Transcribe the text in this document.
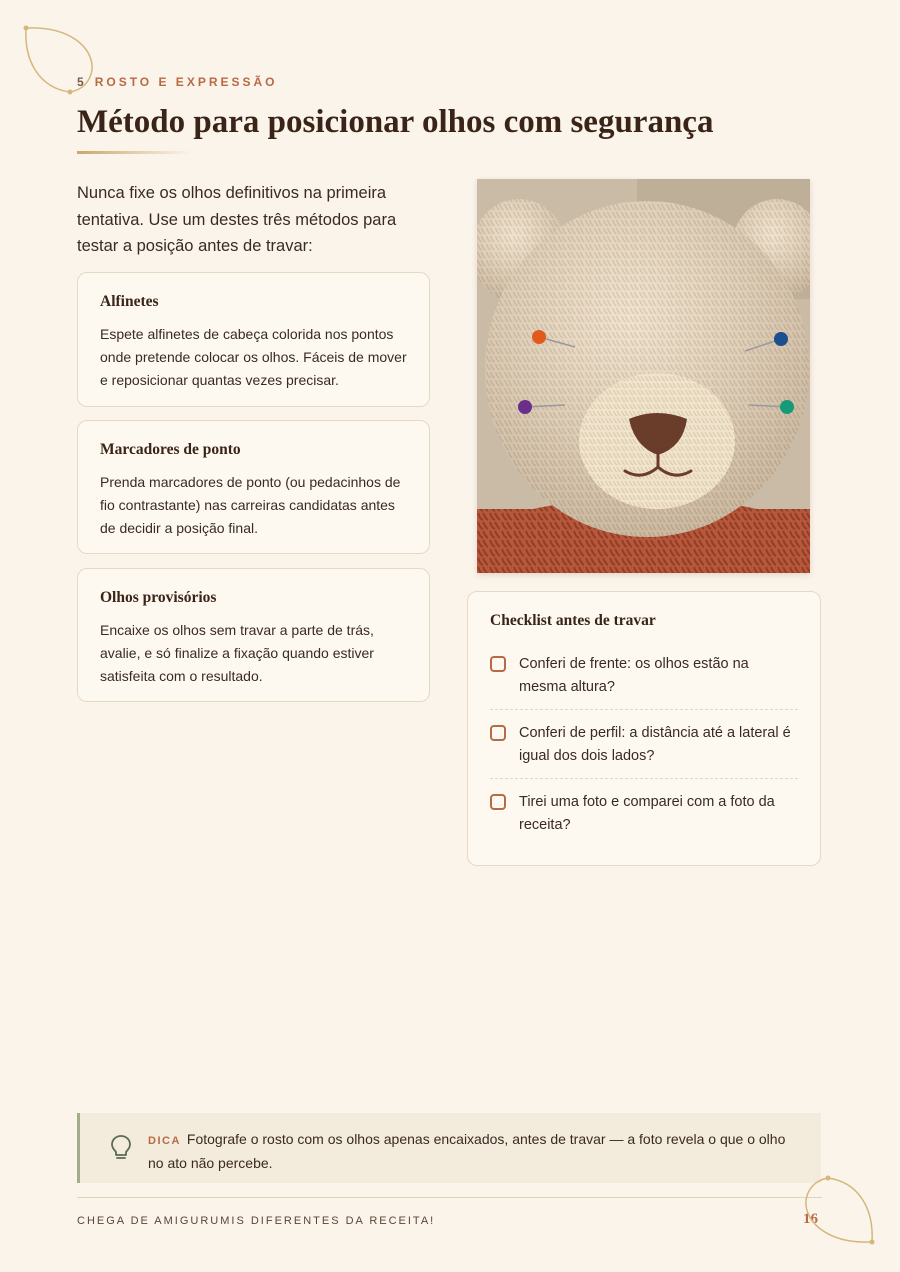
5 ROSTO E EXPRESSÃO
Método para posicionar olhos com segurança

Nunca fixe os olhos definitivos na primeira tentativa. Use um destes três métodos para testar a posição antes de travar:

Alfinetes

Espete alfinetes de cabeça colorida nos pontos onde pretende colocar os olhos. Fáceis de mover e reposicionar quantas vezes precisar.

Marcadores de ponto

Prenda marcadores de ponto (ou pedacinhos de fio contrastante) nas carreiras candidatas antes de decidir a posição final.

Olhos provisórios

Encaixe os olhos sem travar a parte de trás, avalie, e só finalize a fixação quando estiver satisfeita com o resultado.

Checklist antes de travar
Conferi de frente: os olhos estão na mesma altura?
Conferi de perfil: a distância até a lateral é igual dos dois lados?
Tirei uma foto e comparei com a foto da receita?
DICA Fotografe o rosto com os olhos apenas encaixados, antes de travar — a foto revela o que o olho no ato não percebe.
CHEGA DE AMIGURUMIS DIFERENTES DA RECEITA!	16
